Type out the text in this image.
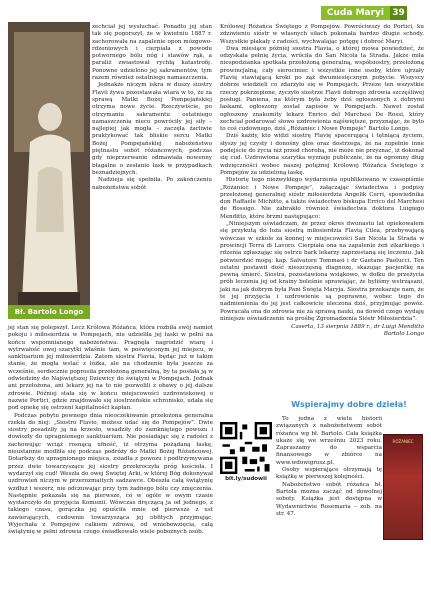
Cuda Maryi 39
Bł. Bartolo Longo

zechciał jej wysłuchać. Ponadto jej stan tak się pogorszył, że w kwietniu 1887 r. zachorowała na zapalenie opon mózgowo-rdzeniowych i cierpiała z powodu potwornego bólu nóg i stawów rąk, a paraliż zwiastował rychłą katastrofę. Ponowne udzielono jej sakramentów, tym razem również ostatniego namaszczenia.

Jednakże niczym iskra w duszy siostry Flavii żywa pozostawała wiara w to, że za sprawą Matki Bożej Pompejańskiej otrzyma nowe życie. Rzeczywiście, po otrzymaniu sakramentu ostatniego namaszczenia nieco powróciły jej siły – najlepiej jak mogła – zaczęła żarliwie praktykować tak bliskie sercu Matki Bożej Pompejańskiej nabożeństwo piętnastu sobót różańcowych, podczas gdy nieprzerwanie odmawiała nowenny błagalne o zesłanie łask w przypadkach beznadziejnych.

Nadzieja się spełniła. Po zakończeniu nabożeństwa sobót

jej stan się polepszył. Lecz Królowa Różańca, która rozbiła swój namiot pokoju i miłosierdzia w Pompejach, nie udzieliła jej łaski w pełni na końcu wspomnianego nabożeństwa. Pragnęła nagrodzić wiarę i wytrwałość owej szarytki właśnie tam, w poświęconym jej miejscu, w sanktuarium jej miłosierdzia. Zatem siostra Flavia, będąc już w takim stanie, że mogła wstać z łóżka, ale na chodzenie była jeszcze za wcześnie, serdecznie poprosiła przełożoną generalną, by ta posłała ją w odwiedziny do Najświętszej Dziewicy do świątyni w Pompejach. Jednak ani przełożona, ani lekarz jej na to nie pozwolili z obawy o jej dalsze zdrowie. Później stała się w końcu miejscowości uzdrowiskowej o nazwie Portici, gdzie znajdowało się siostrzeńskie schronisko, udała się pod opiekę się ostrzeni kapitalności kapłan.

Podczas pobytu pewnego dnia nieoczekiwanie przełożona generalna rzekła do niej: „Siostro Flavio, możesz udać się do Pompejów”. Dwie siostry posadziły ją na krzesło, wsadziły do zamkniętego powozu i dowiozły do upragnionego sanktuarium. Nie posiadając się z radości z zachowując wciąż rosnącą ufność, iż otrzyma pożądaną łaskę, nieustannie modliła się podczas podróży do Matki Bożej Różańcowej. Dotarłszy do upragnionego miejsca, zsiadła z powozu i podtrzymywana przez dwie towarzyszące jej siostry przekroczyła próg kościoła. I wydarzył się cud! Weszła do owej Świętej Arki, w której Bóg dokonywał uzdrowień niczym w przerozmaitych sadzawce. Obeszła całą świątynię wzdłuż i wszerz, nie odczuwając przy tym żadnego bólu czy zmęczenia. Następnie pokazała się na pierwsze, co w ogóle w owym czasie wystarczyło do przyjęcia Komunii. Wówczas dręczącą ja od jednego, z takiego czasu, gorączka jej opuściła mnie od pierwsze z ust zawierających, cudownie towarzysząca jej obfitych przyjmując, Wyjechała z Pompejów całkiem zdrowa, od wniebowzięcia, całą świątynię w pełni zdrowia czego świadkowało wiele pobożnych osób.

Królowej Różańca Świętego z Pompejów. Powróciwszy do Portici, ku zdziwieniu sióstr w własnych siłach pokonała bardzo długie schody. Wszystkie płakały z radości, wychwalając potęgę i dobroć Maryi.

Dwa miesiące później siostra Flavia, o której mowa powiedzieć, że odzyskała pełnię życia, wróciła do San Nicola la Strada. Jakże miła niespodzianka spotkała przełożoną generalną, współsiostry, przełożoną prowincjalną, cały sierociniec i wszystkie inne osoby, które ujrzały Flavię stawiającą kroki po ząż dwumiesięcznym pobycie. Wszyscy dobrze wiedzieli co zdarzyło się w Pompejach. Przeze ten wszystkie rzeczy pokrzepione, życzyło siostrze Flavii dobrego zdrowia szczęśliwej posługi. Paniena, na którym była żeby dziś ogłoszonych z dobrymi łaskami, ogłoszony został zapisów w Pompejach. Nawet został ogłoszony znakomity lekarz Enrico del Marchesi De Rossi, który zechciał podarować słowo uzdrowienia najświętsze, przyznając, że było to coś cudownego, dziś „Różaniec i Nowe Pompeje” Bartolo Longo.

Dziś każdy, kto widzi siostrę Flavię spacerującą i tętniącą życiem, słyszy jej czysty i donośny głos oraz dostrzega, że na zupełnie inne podejście do życia niż przed chorobą, nie może nie przyznać, iż dokonał się cud. Uzdrowiona szarytka wyznaje publicznie, że na ogromny dług wdzięczności wobec naszej potężnej Królowej Różańca Świętego z Pompejów za udzieloną łaskę.

Historię tego niezwykłego wydarzenia opublikowano w czasopiśmie „Różaniec i Nowe Pompeje”, załączając świadectwa i podpisy przełożonej generalnej sióstr miłosierdzia Angelik Cerri, spowiednika don Raffaele Michitto, a także świadectwo biskupa Errico del Marchesi de Rossigo. Nie zabrakło również świadectwa doktora Luigiego Menditto, które brzmi następująco:

„Niniejszym oświadczam, że przez okres dwunastu lat opiekowałem się przykutą do łoża siostrą miłosierdzia Flavią Cilea, przebywającą wówczas w szkole za konnej w miejscowości San Nicola la Strada w prowincji Terra di Lavoro. Cierpiała ona na zapalenie żeń zikarkiego i rdzenia zgłaszając się ostrzu bark lekarzy zaprzestaną się leczeniu. Jak potwierdzić mogą: kap. Salvatore Tommasi i dr Gaetano Paolucci. Ten ostatni postawił dość nieszczęsną diagnozę, skazując pacjentkę na pewną śmierć. Siostra, pozostawiona wsiąkowo, w dołku do przeżycia prób leczenia jej od krainy boleśnie sprawiając, że byliśmy wstrząsani, jaki na jak dobrym była Pani Święta Maryja. Siostra przekazuje nam, że te jej przyjęcia i uzdrowienie są poprawne, wobec tego do nadmienienia do jej jest całkowicie uleczona dziś, przyjmując powóz. Powracała ona do zdrowia nie za sprawą nauki, na dowód czego wydaję niniejsze oświadczenie na prośbę Zgromadzenia Sióstr Miłosierdzia”.

Caserta, 13 sierpnia 1889 r., dr Luigi Menditto
Bartolo Longo
Wspierajmy dobre dzieła!
bit.ly/sudowii

To jedna z wielu historii związanych z nabożeństwem sobót różańca wg bł. Bartolo. Cała książka ukaże się we wrześniu 2023 roku. Zapraszamy do wsparcia finansowego w zbiórce na www.wdowigrosz.pl.

Osoby wspierające otrzymają tę książkę w pierwszej kolejności.

Nabożeństwo sobót różańca bł. Bartola można zacząć od dowolnej soboty. Książka jest dostępna w Wydawnictwie Rosemaria – zob. na str. 47.

RÓŻANIEC
